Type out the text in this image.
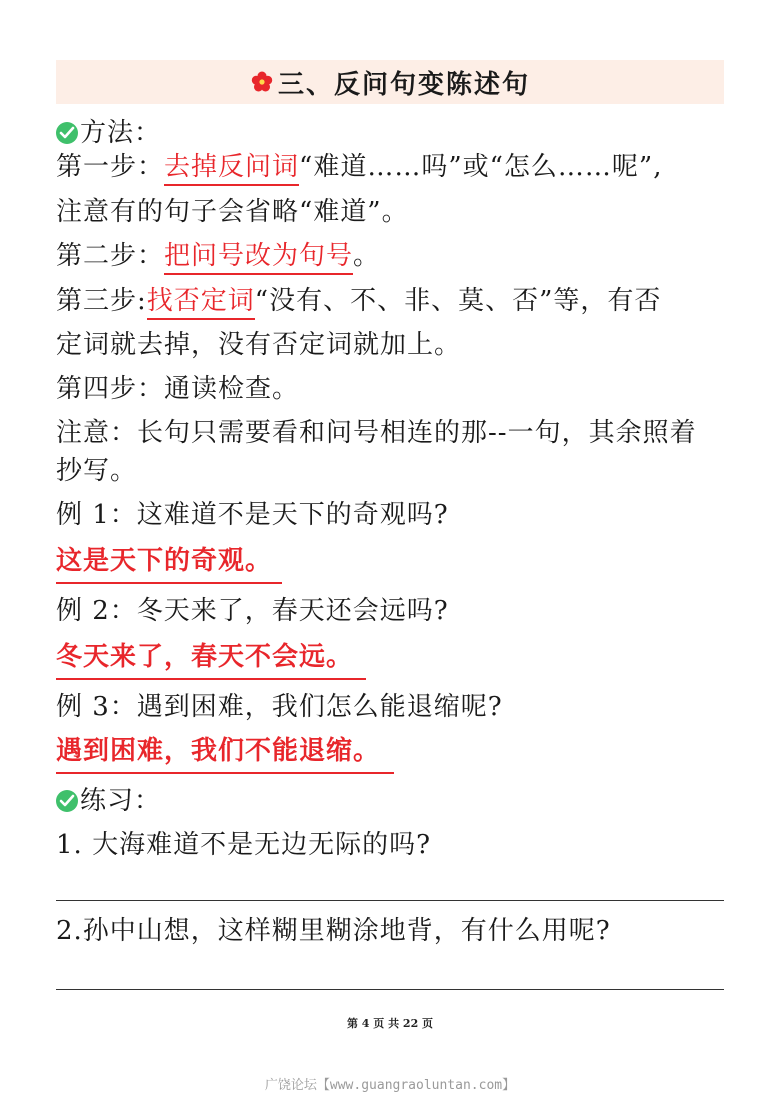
三、反问句变陈述句
方法：
第一步：去掉反问词“难道……吗”或“怎么……呢”,
注意有的句子会省略“难道”。
第二步：把问号改为句号。
第三步:找否定词“没有、不、非、莫、否”等，有否
定词就去掉，没有否定词就加上。
第四步：通读检查。
注意：长句只需要看和问号相连的那--一句，其余照着
抄写。
例 1：这难道不是天下的奇观吗?
这是天下的奇观。
例 2：冬天来了，春天还会远吗?
冬天来了，春天不会远。
例 3：遇到困难，我们怎么能退缩呢?
遇到困难，我们不能退缩。
练习：
1. 大海难道不是无边无际的吗?
2.孙中山想，这样糊里糊涂地背，有什么用呢?
第 4 页 共 22 页
广饶论坛【www.guangraoluntan.com】
